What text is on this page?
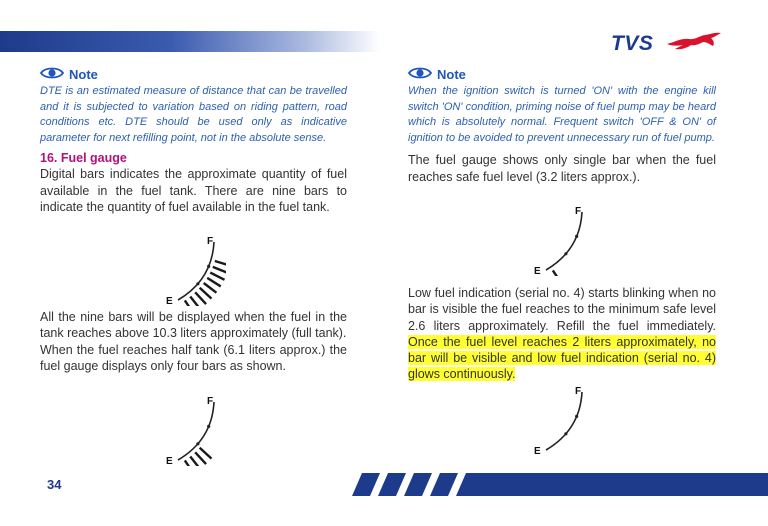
TVS
Note
DTE is an estimated measure of distance that can be travelled and it is subjected to variation based on riding pattern, road conditions etc. DTE should be used only as indicative parameter for next refilling point, not in the absolute sense.
16. Fuel gauge
Digital bars indicates the approximate quantity of fuel available in the fuel tank. There are nine bars to indicate the quantity of fuel available in the fuel tank.
All the nine bars will be displayed when the fuel in the tank reaches above 10.3 liters approximately (full tank).
When the fuel reaches half tank (6.1 liters approx.) the fuel gauge displays only four bars as shown.
Note
When the ignition switch is turned 'ON' with the engine kill switch 'ON' condition, priming noise of fuel pump may be heard which is absolutely normal. Frequent switch 'OFF & ON' of ignition to be avoided to prevent unnecessary run of fuel pump.
The fuel gauge shows only single bar when the fuel reaches safe fuel level (3.2 liters approx.).
Low fuel indication (serial no. 4) starts blinking when no bar is visible the fuel reaches to the minimum safe level 2.6 liters approximately. Refill the fuel immediately. Once the fuel level reaches 2 liters approximately, no bar will be visible and low fuel indication (serial no. 4) glows continuously.
F
E
F
E
F
E
F
E
34
